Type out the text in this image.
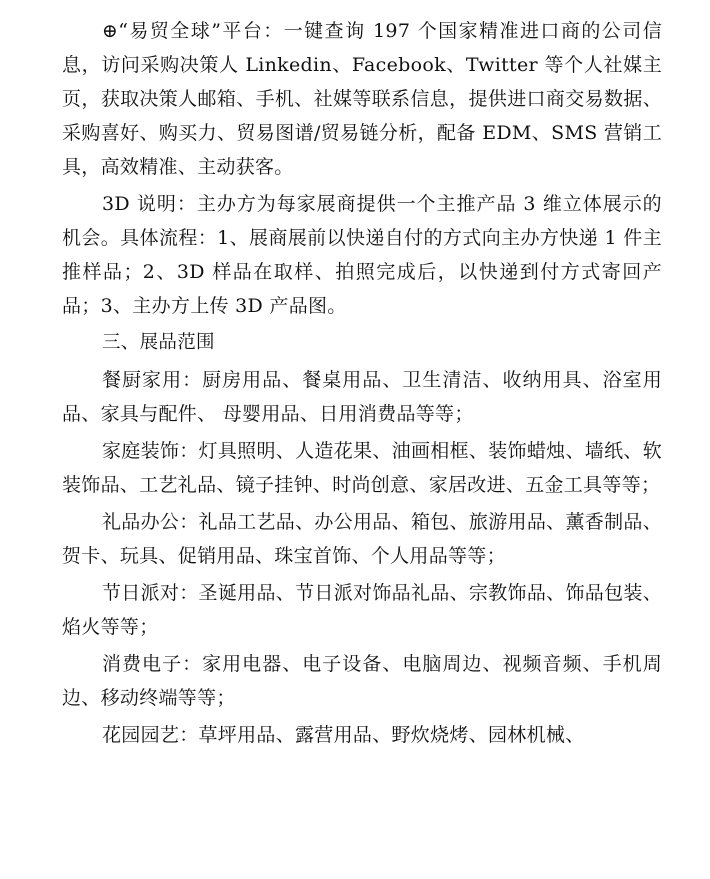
⊕“易贸全球”平台：一键查询 197 个国家精准进口商的公司信息，访问采购决策人 Linkedin、Facebook、Twitter 等个人社媒主页，获取决策人邮箱、手机、社媒等联系信息，提供进口商交易数据、采购喜好、购买力、贸易图谱/贸易链分析，配备 EDM、SMS 营销工具，高效精准、主动获客。

3D 说明：主办方为每家展商提供一个主推产品 3 维立体展示的机会。具体流程：1、展商展前以快递自付的方式向主办方快递 1 件主推样品；2、3D 样品在取样、拍照完成后，以快递到付方式寄回产品；3、主办方上传 3D 产品图。

三、展品范围

餐厨家用：厨房用品、餐桌用品、卫生清洁、收纳用具、浴室用品、家具与配件、 母婴用品、日用消费品等等；

家庭装饰：灯具照明、人造花果、油画相框、装饰蜡烛、墙纸、软装饰品、工艺礼品、镜子挂钟、时尚创意、家居改进、五金工具等等；

礼品办公：礼品工艺品、办公用品、箱包、旅游用品、薰香制品、贺卡、玩具、促销用品、珠宝首饰、个人用品等等；

节日派对：圣诞用品、节日派对饰品礼品、宗教饰品、饰品包装、焰火等等；

消费电子：家用电器、电子设备、电脑周边、视频音频、手机周边、移动终端等等；

花园园艺：草坪用品、露营用品、野炊烧烤、园林机械、
